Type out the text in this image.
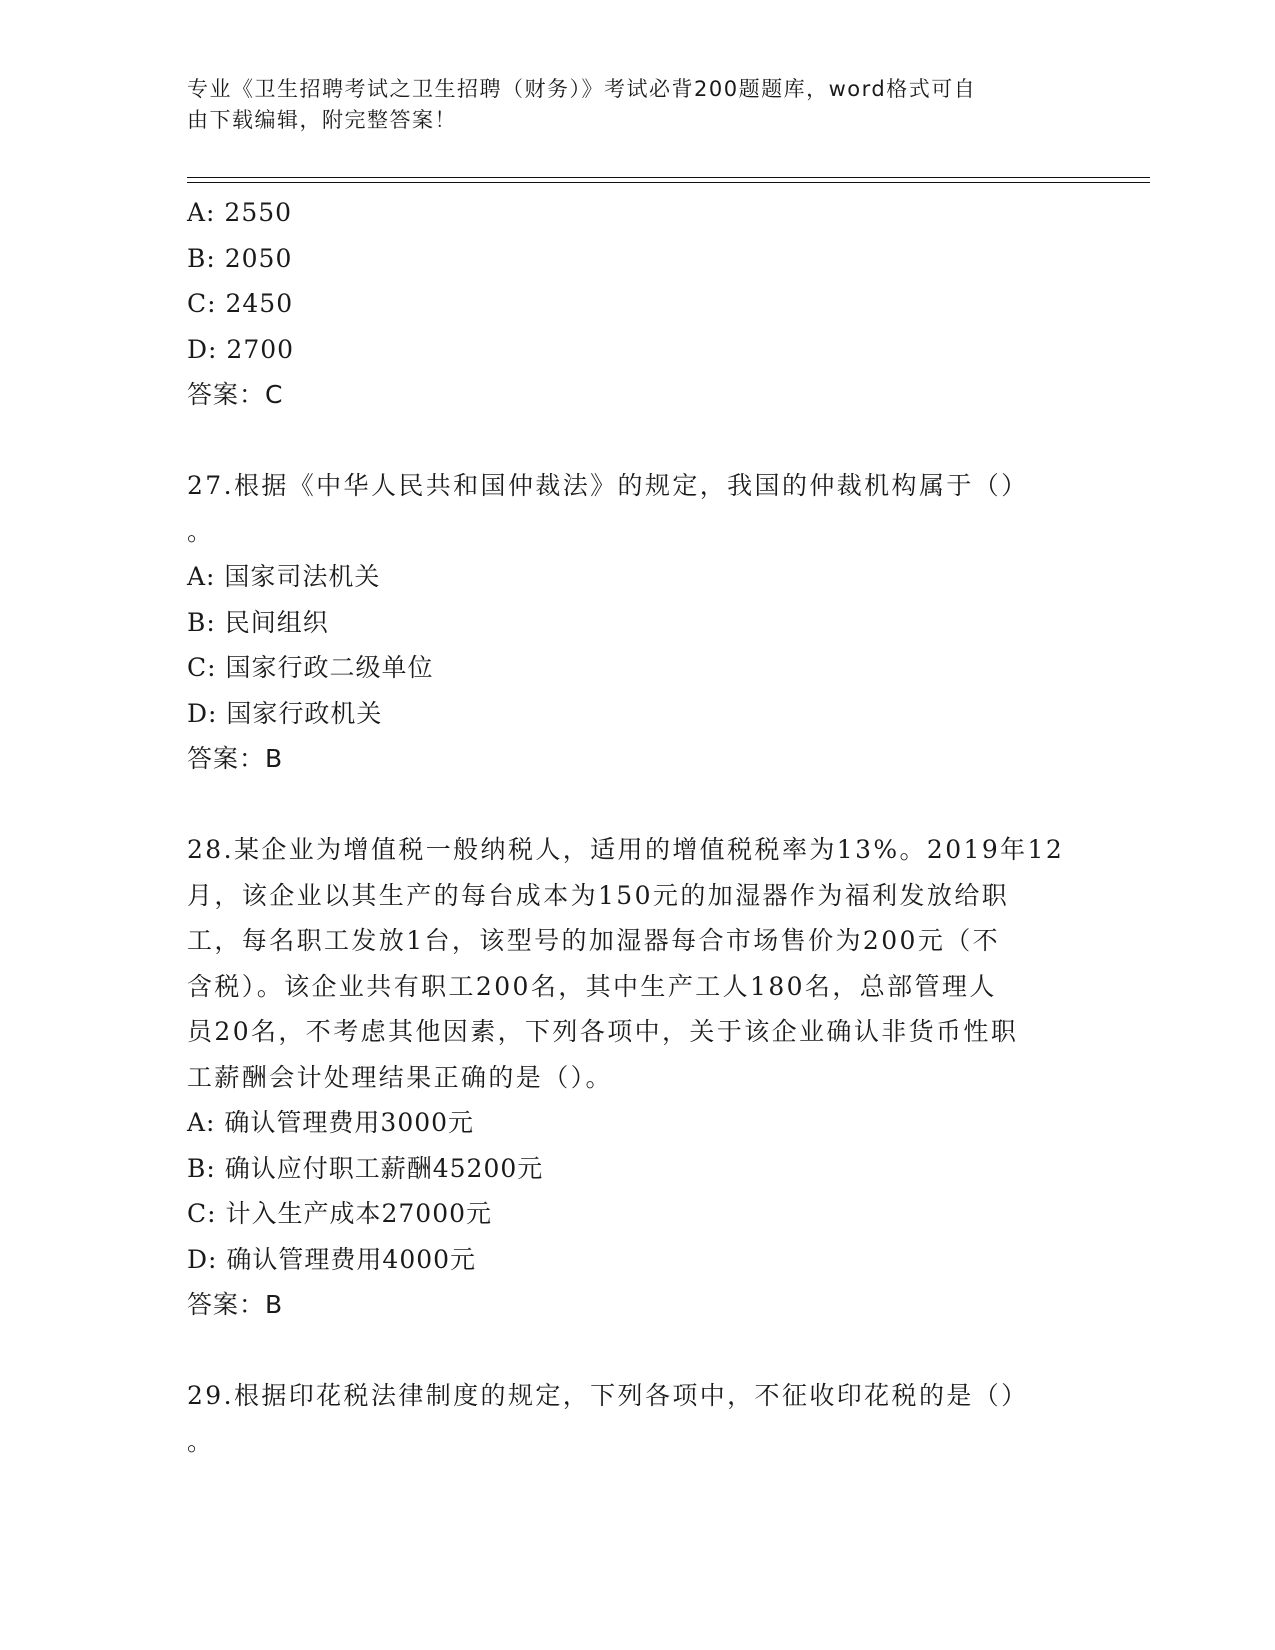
专业《卫生招聘考试之卫生招聘（财务）》考试必背200题题库，word格式可自
由下载编辑，附完整答案！
A: 2550
B: 2050
C: 2450
D: 2700
答案：C
27.根据《中华人民共和国仲裁法》的规定，我国的仲裁机构属于（）
。
A: 国家司法机关
B: 民间组织
C: 国家行政二级单位
D: 国家行政机关
答案：B
28.某企业为增值税一般纳税人，适用的增值税税率为13%。2019年12
月，该企业以其生产的每台成本为150元的加湿器作为福利发放给职
工，每名职工发放1台，该型号的加湿器每合市场售价为200元（不
含税）。该企业共有职工200名，其中生产工人180名，总部管理人
员20名，不考虑其他因素，下列各项中，关于该企业确认非货币性职
工薪酬会计处理结果正确的是（）。
A: 确认管理费用3000元
B: 确认应付职工薪酬45200元
C: 计入生产成本27000元
D: 确认管理费用4000元
答案：B
29.根据印花税法律制度的规定，下列各项中，不征收印花税的是（）
。
